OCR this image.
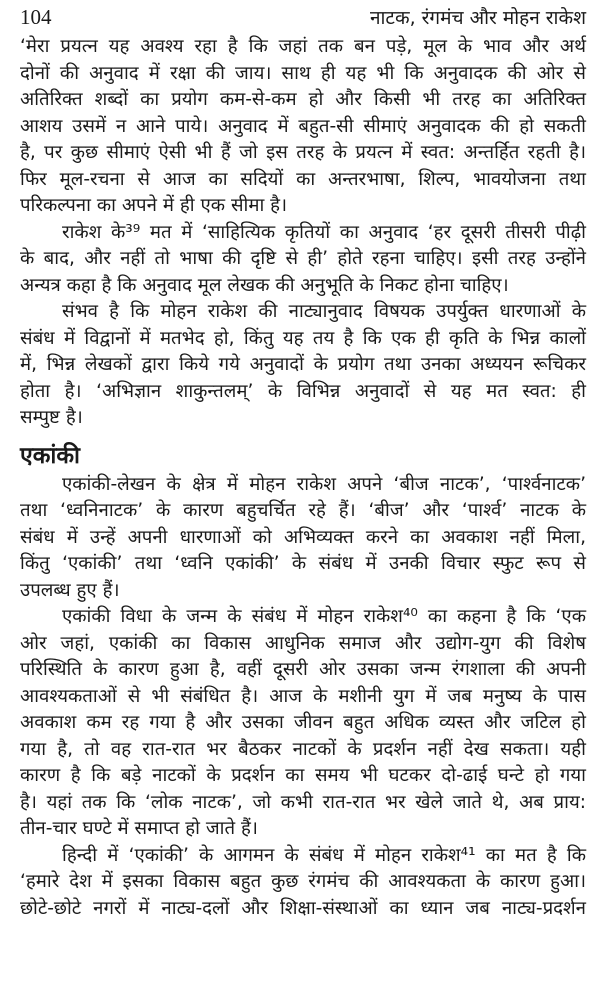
104	नाटक, रंगमंच और मोहन राकेश
‘मेरा प्रयत्न यह अवश्य रहा है कि जहां तक बन पड़े, मूल के भाव और अर्थ
दोनों की अनुवाद में रक्षा की जाय। साथ ही यह भी कि अनुवादक की ओर से
अतिरिक्त शब्दों का प्रयोग कम-से-कम हो और किसी भी तरह का अतिरिक्त
आशय उसमें न आने पाये। अनुवाद में बहुत-सी सीमाएं अनुवादक की हो सकती
है, पर कुछ सीमाएं ऐसी भी हैं जो इस तरह के प्रयत्न में स्वत: अन्तर्हित रहती है।
फिर मूल-रचना से आज का सदियों का अन्तरभाषा, शिल्प, भावयोजना तथा
परिकल्पना का अपने में ही एक सीमा है।
राकेश के³⁹ मत में ‘साहित्यिक कृतियों का अनुवाद ‘हर दूसरी तीसरी पीढ़ी
के बाद, और नहीं तो भाषा की दृष्टि से ही’ होते रहना चाहिए। इसी तरह उन्होंने
अन्यत्र कहा है कि अनुवाद मूल लेखक की अनुभूति के निकट होना चाहिए।
संभव है कि मोहन राकेश की नाट्यानुवाद विषयक उपर्युक्त धारणाओं के
संबंध में विद्वानों में मतभेद हो, किंतु यह तय है कि एक ही कृति के भिन्न कालों
में, भिन्न लेखकों द्वारा किये गये अनुवादों के प्रयोग तथा उनका अध्ययन रूचिकर
होता है। ‘अभिज्ञान शाकुन्तलम्’ के विभिन्न अनुवादों से यह मत स्वत: ही
सम्पुष्ट है।
एकांकी
एकांकी-लेखन के क्षेत्र में मोहन राकेश अपने ‘बीज नाटक’, ‘पार्श्वनाटक’
तथा ‘ध्वनिनाटक’ के कारण बहुचर्चित रहे हैं। ‘बीज’ और ‘पार्श्व’ नाटक के
संबंध में उन्हें अपनी धारणाओं को अभिव्यक्त करने का अवकाश नहीं मिला,
किंतु ‘एकांकी’ तथा ‘ध्वनि एकांकी’ के संबंध में उनकी विचार स्फुट रूप से
उपलब्ध हुए हैं।
एकांकी विधा के जन्म के संबंध में मोहन राकेश⁴⁰ का कहना है कि ‘एक
ओर जहां, एकांकी का विकास आधुनिक समाज और उद्योग-युग की विशेष
परिस्थिति के कारण हुआ है, वहीं दूसरी ओर उसका जन्म रंगशाला की अपनी
आवश्यकताओं से भी संबंधित है। आज के मशीनी युग में जब मनुष्य के पास
अवकाश कम रह गया है और उसका जीवन बहुत अधिक व्यस्त और जटिल हो
गया है, तो वह रात-रात भर बैठकर नाटकों के प्रदर्शन नहीं देख सकता। यही
कारण है कि बड़े नाटकों के प्रदर्शन का समय भी घटकर दो-ढाई घन्टे हो गया
है। यहां तक कि ‘लोक नाटक’, जो कभी रात-रात भर खेले जाते थे, अब प्राय:
तीन-चार घण्टे में समाप्त हो जाते हैं।
हिन्दी में ‘एकांकी’ के आगमन के संबंध में मोहन राकेश⁴¹ का मत है कि
‘हमारे देश में इसका विकास बहुत कुछ रंगमंच की आवश्यकता के कारण हुआ।
छोटे-छोटे नगरों में नाट्य-दलों और शिक्षा-संस्थाओं का ध्यान जब नाट्य-प्रदर्शन
